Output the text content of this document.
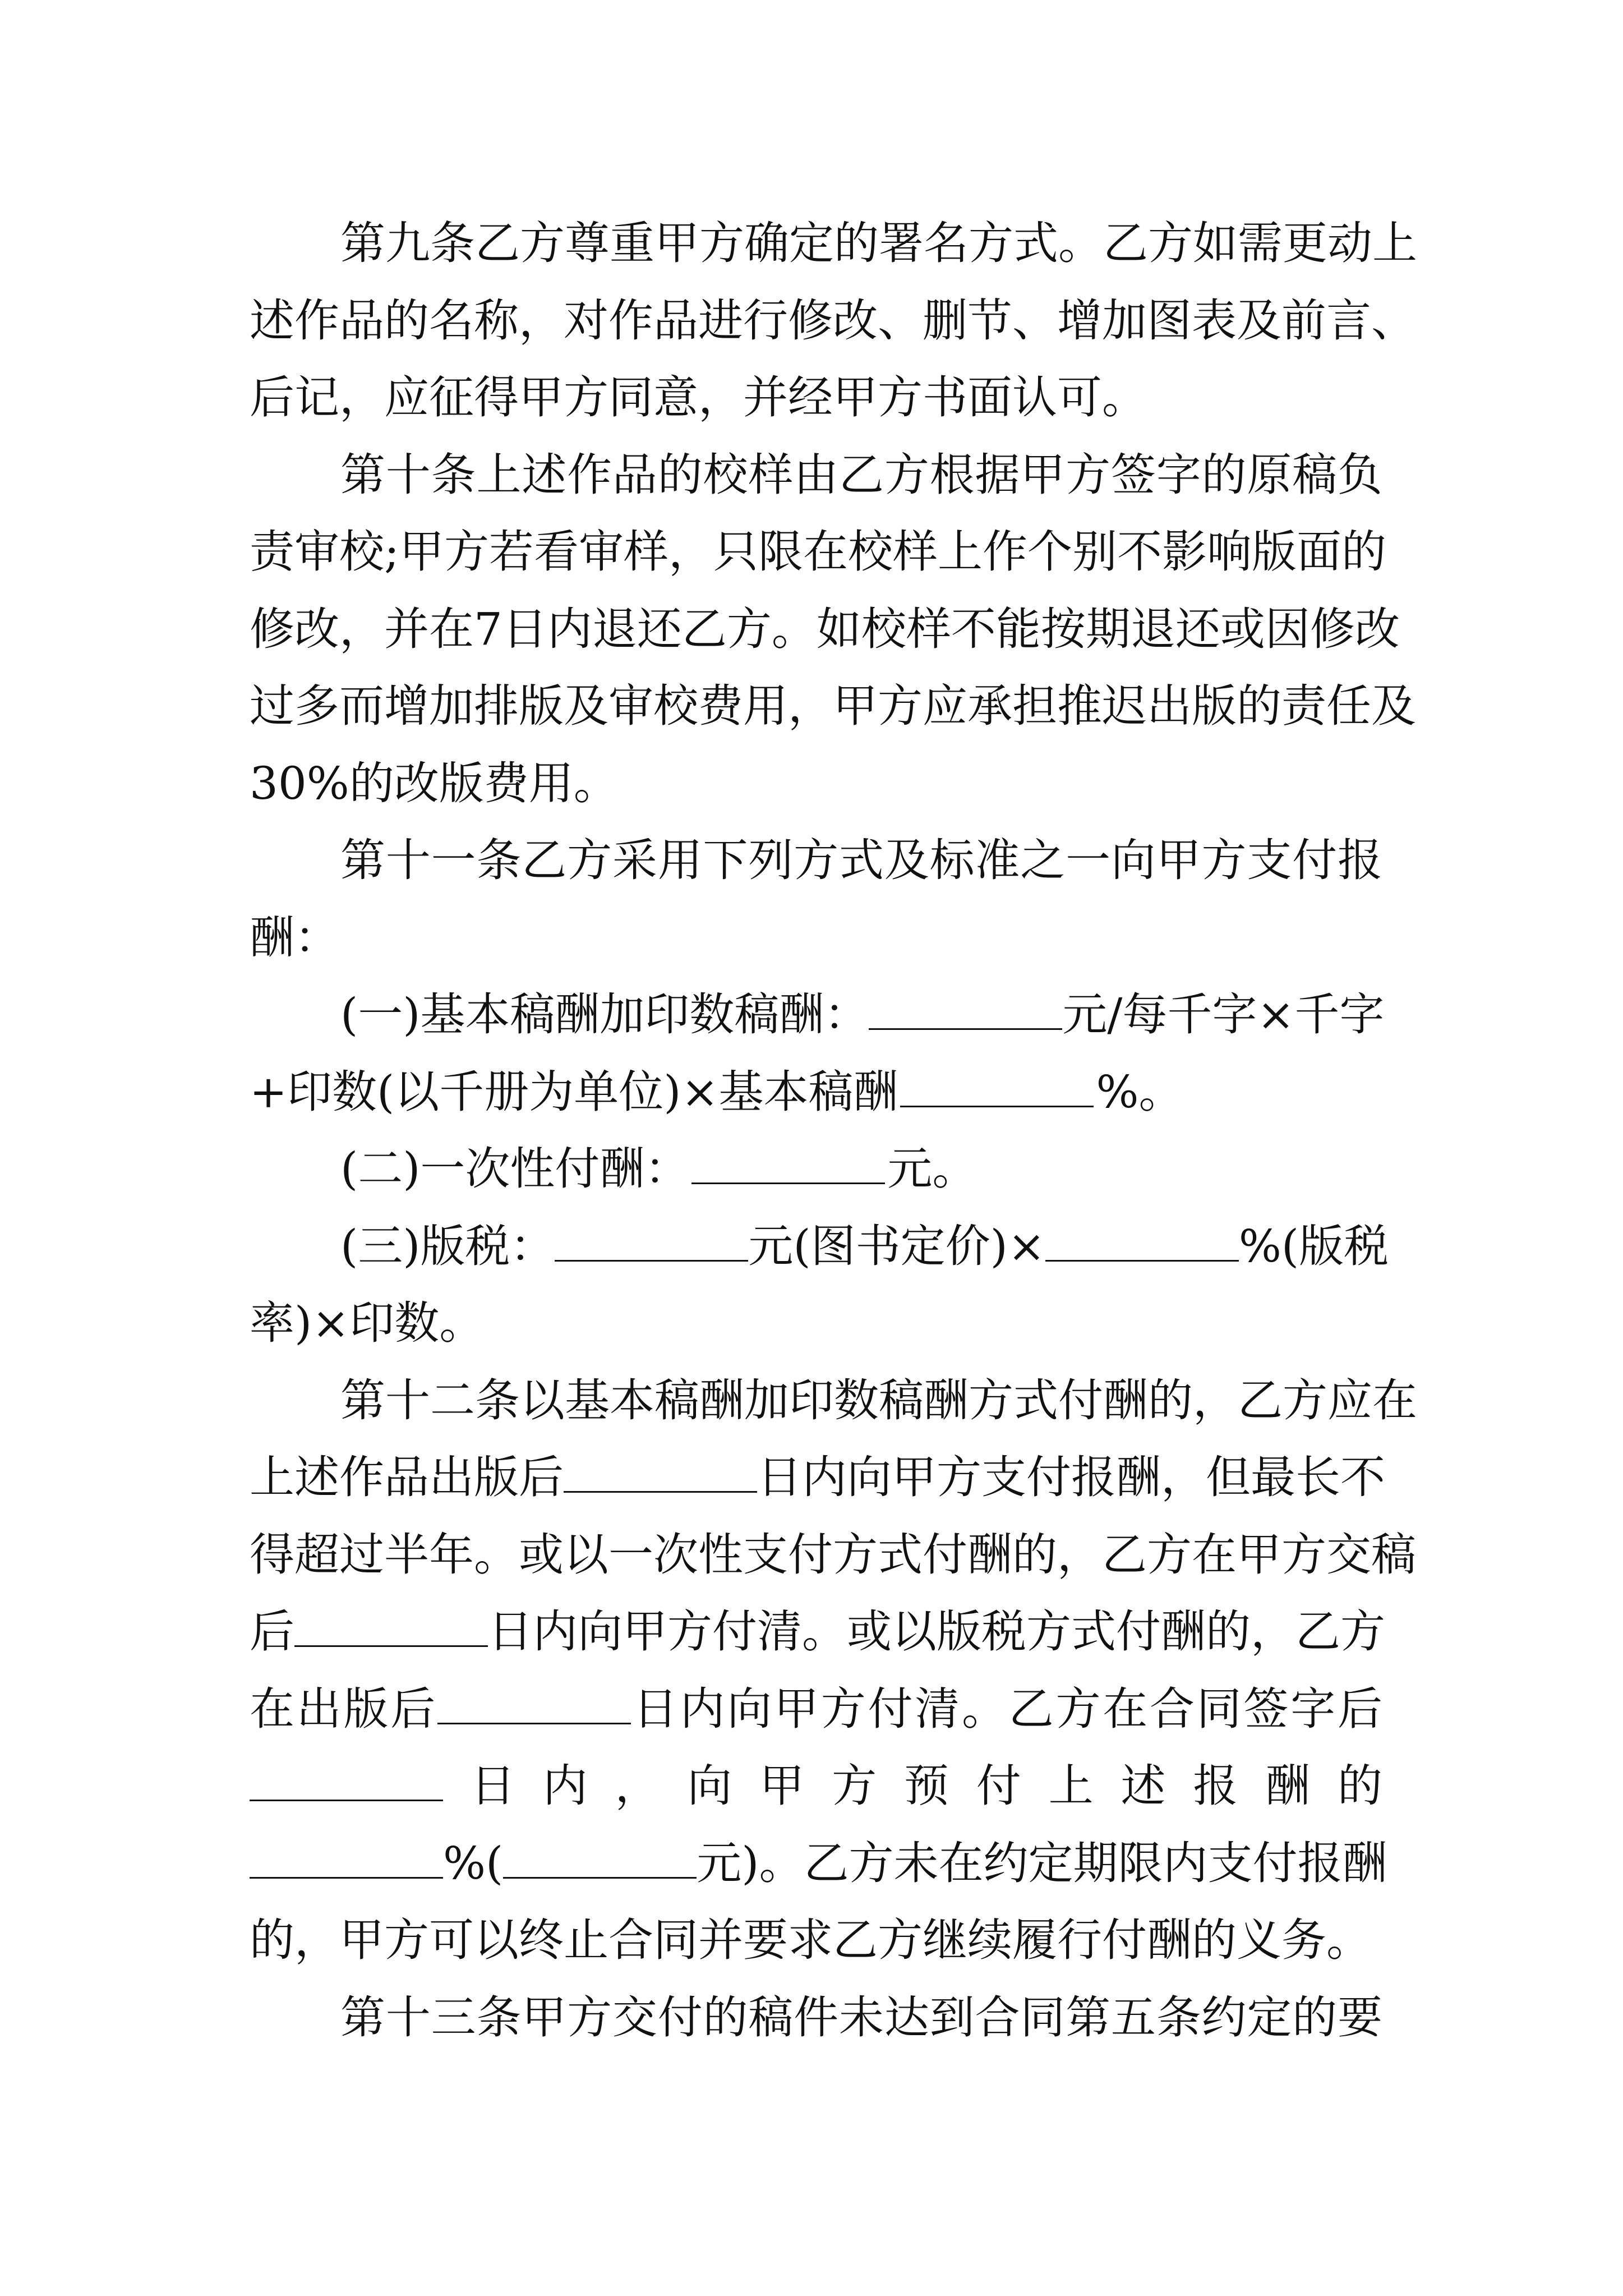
第九条乙方尊重甲方确定的署名方式。乙方如需更动上
述作品的名称，对作品进行修改、删节、增加图表及前言、
后记，应征得甲方同意，并经甲方书面认可。
第十条上述作品的校样由乙方根据甲方签字的原稿负
责审校;甲方若看审样，只限在校样上作个别不影响版面的
修改，并在7日内退还乙方。如校样不能按期退还或因修改
过多而增加排版及审校费用，甲方应承担推迟出版的责任及
30%的改版费用。
第十一条乙方采用下列方式及标准之一向甲方支付报
酬：
(一)基本稿酬加印数稿酬：	元/每千字×千字
+印数(以千册为单位)×基本稿酬	%。
(二)一次性付酬：	元。
(三)版税：	元(图书定价)×	%(版税
率)×印数。
第十二条以基本稿酬加印数稿酬方式付酬的，乙方应在
上述作品出版后	日内向甲方支付报酬，但最长不
得超过半年。或以一次性支付方式付酬的，乙方在甲方交稿
后	日内向甲方付清。或以版税方式付酬的，乙方
在出版后	日内向甲方付清。乙方在合同签字后
日内，向甲方预付上述报酬的
%(	元)。乙方未在约定期限内支付报酬
的，甲方可以终止合同并要求乙方继续履行付酬的义务。
第十三条甲方交付的稿件未达到合同第五条约定的要
